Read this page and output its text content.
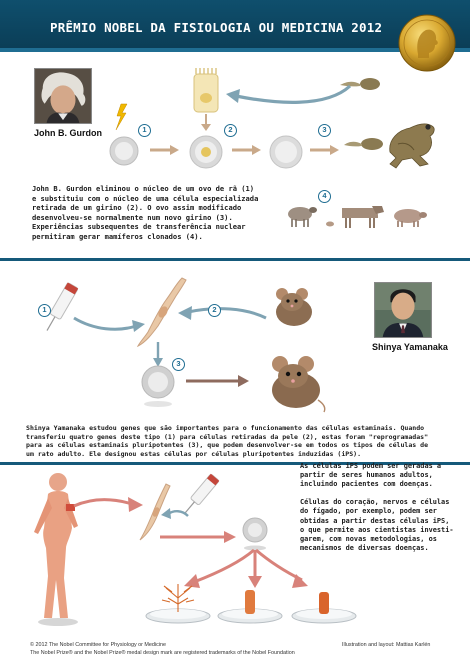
PRÊMIO NOBEL DA FISIOLOGIA OU MEDICINA 2012
John B. Gurdon	1	2	3
4
John B. Gurdon eliminou o núcleo de um ovo de rã (1)
e substituiu com o núcleo de uma célula especializada
retirada de um girino (2). O ovo assim modificado
desenvolveu-se normalmente num novo girino (3).
Experiências subsequentes de transferência nuclear
permitiram gerar mamíferos clonados (4).
1	2
Shinya Yamanaka
3
Shinya Yamanaka estudou genes que são importantes para o funcionamento das células estaminais. Quando
transferiu quatro genes deste tipo (1) para células retiradas da pele (2), estas foram "reprogramadas"
para as células estaminais pluripotentes (3), que podem desenvolver-se em todos os tipos de células de
um rato adulto. Ele designou estas células por células pluripotentes induzidas (iPS).
As células iPS podem ser geradas a
partir de seres humanos adultos,
incluindo pacientes com doenças.

Células do coração, nervos e células
do fígado, por exemplo, podem ser
obtidas a partir destas células iPS,
o que permite aos cientistas investi-
garem, com novas metodologias, os
mecanismos de diversas doenças.
© 2012 The Nobel Committee for Physiology or Medicine
The Nobel Prize® and the Nobel Prize® medal design mark are registered trademarks of the Nobel Foundation
Illustration and layout: Mattias Karlén
